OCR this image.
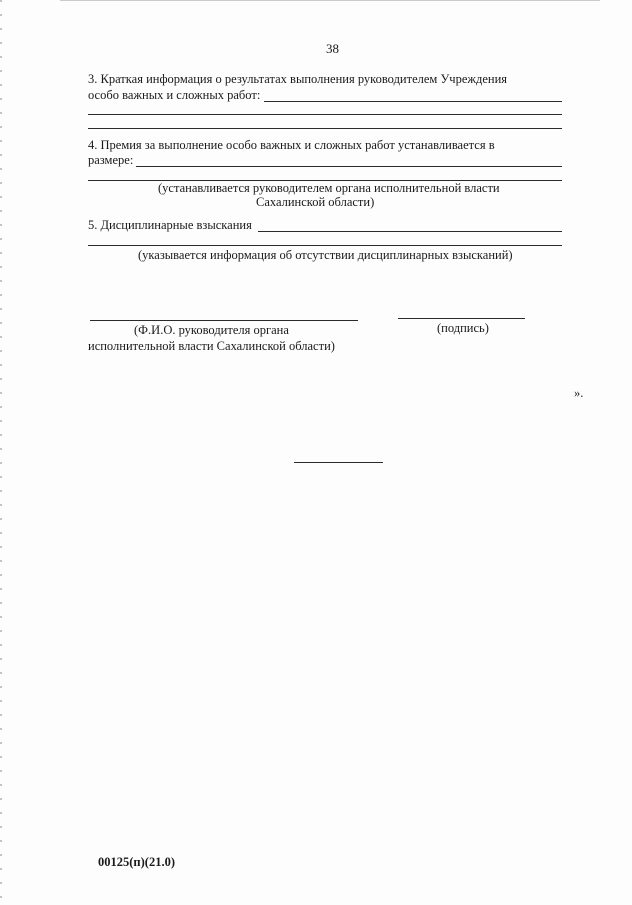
38
3. Краткая информация о результатах выполнения руководителем Учреждения
особо важных и сложных работ:
4. Премия за выполнение особо важных и сложных работ устанавливается в
размере:
(устанавливается руководителем органа исполнительной власти
Сахалинской области)
5. Дисциплинарные взыскания
(указывается информация об отсутствии дисциплинарных взысканий)
(Ф.И.О. руководителя органа
исполнительной власти Сахалинской области)
(подпись)
».
00125(п)(21.0)
